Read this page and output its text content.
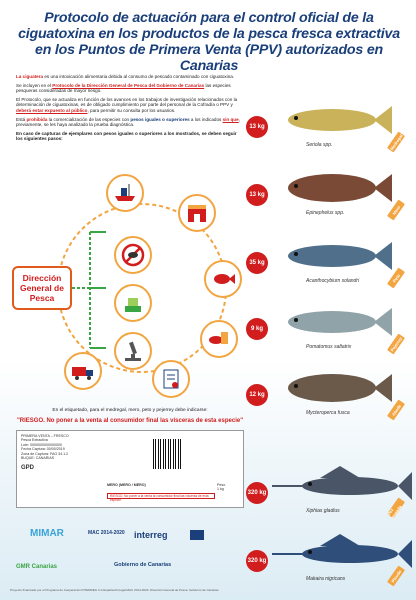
Protocolo de actuación para el control oficial de la ciguatoxina en los productos de la pesca fresca extractiva en los Puntos de Primera Venta (PPV) autorizados en Canarias

La ciguatera es una intoxicación alimentaria debida al consumo de pescado contaminado con ciguatoxina.

Se incluyen en el Protocolo de la Dirección General de Pesca del Gobierno de Canarias las especies pesqueras consideradas de mayor riesgo.

El Protocolo, que se actualiza en función de los avances en los trabajos de investigación relacionados con la determinación de ciguatoxinas, es de obligado cumplimiento por parte del personal de la Cofradía o PPV y deberá estar expuesto al público, para permitir su consulta por los usuarios.

Está prohibida la comercialización de las especies con pesos iguales o superiores a los indicados sin que, previamente, se les haya analizado la prueba diagnóstica.

En caso de capturas de ejemplares con pesos iguales o superiores a los mostrados, se deben seguir los siguientes pasos:

Dirección General de Pesca
13 kg
Seriola spp.	Medregal
13 kg
Epinephelus spp.	Mero
35 kg
Acanthocybium solandri	Peto
9 kg
Pomatomus saltatrix	Pejerrey
12 kg
Mycteroperca fusca	Abade
320 kg
Xiphias gladius	Pez espada
320 kg
Makaira nigricans	Picudo
En el etiquetado, para el medregal, mero, peto y pejerrey debe indicarse:
"RIESGO. No poner a la venta al consumidor final las vísceras de esta especie"
PRIMERA VENTA – FRESCO
Pesca Extractiva
Lote: 0000000000000000
Fecha Captura: 00/00/2019
Zona de Captura: FAO 34.1.2
BUQUE: CANARIAS
GPD
MERO (MERO / MERO)
RIESGO. No poner a la venta al consumidor final las vísceras de esta especie
Peso
1 kg
MIMAR	MAC 2014-2020 interreg
GMR Canarias	Gobierno de Canarias
Proyecto financiado por el Programa de Cooperación INTERREG V-A España-Portugal MAC 2014-2020. Dirección General de Pesca. Gobierno de Canarias.
